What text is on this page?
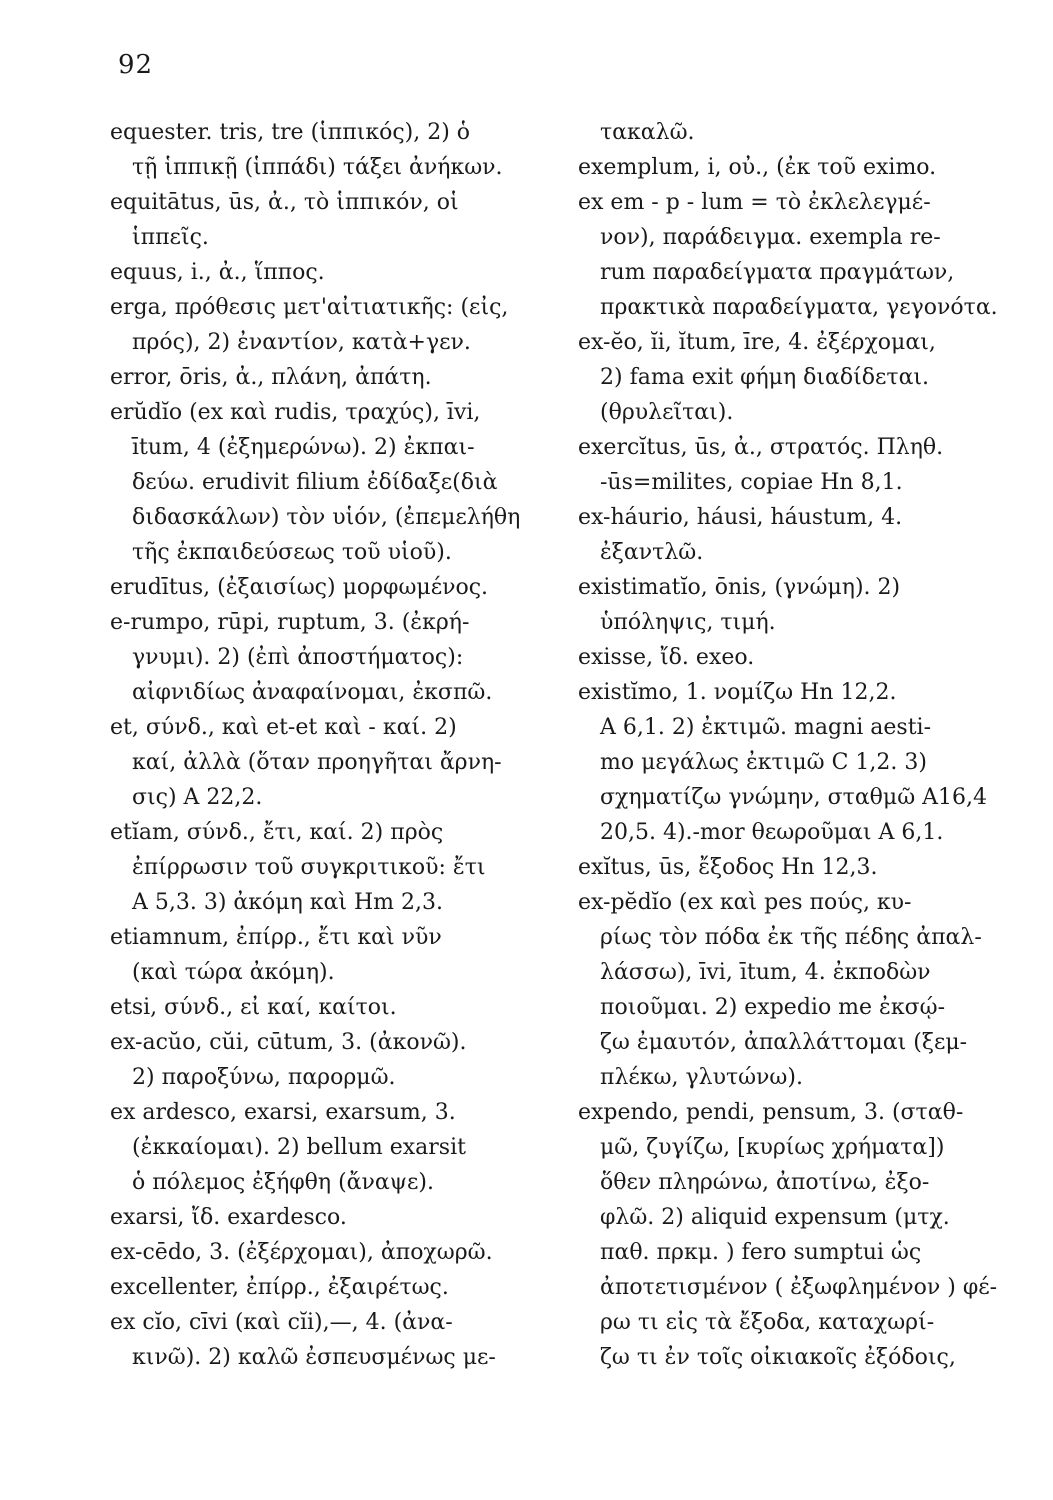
92
equester. tris, tre (ἱππικός), 2) ὁ
τῇ ἱππικῇ (ἱππάδι) τάξει ἀνήκων.
equitātus, ūs, ἀ., τὸ ἱππικόν, οἱ
ἱππεῖς.
equus, i., ἀ., ἵππος.
erga, πρόθεσις μετ'αἰτιατικῆς: (εἰς,
πρός), 2) ἐναντίον, κατὰ+γεν.
error, ōris, ἀ., πλάνη, ἀπάτη.
erŭdĭo (ex καὶ rudis, τραχύς), īvi,
ītum, 4 (ἐξημερώνω). 2) ἐκπαι-
δεύω. erudivit filium ἐδίδαξε(διὰ
διδασκάλων) τὸν υἱόν, (ἐπεμελήθη
τῆς ἐκπαιδεύσεως τοῦ υἱοῦ).
erudītus, (ἐξαισίως) μορφωμένος.
e-rumpo, rūpi, ruptum, 3. (ἐκρή-
γνυμι). 2) (ἐπὶ ἀποστήματος):
αἰφνιδίως ἀναφαίνομαι, ἐκσπῶ.
et, σύνδ., καὶ et-et καὶ - καί. 2)
καί, ἀλλὰ (ὅταν προηγῆται ἄρνη-
σις) A 22,2.
etĭam, σύνδ., ἔτι, καί. 2) πρὸς
ἐπίρρωσιν τοῦ συγκριτικοῦ: ἔτι
A 5,3. 3) ἀκόμη καὶ Hm 2,3.
etiamnum, ἐπίρρ., ἔτι καὶ νῦν
(καὶ τώρα ἀκόμη).
etsi, σύνδ., εἰ καί, καίτοι.
ex-acŭo, cŭi, cūtum, 3. (ἀκονῶ).
2) παροξύνω, παρορμῶ.
ex ardesco, exarsi, exarsum, 3.
(ἐκκαίομαι). 2) bellum exarsit
ὁ πόλεμος ἐξήφθη (ἄναψε).
exarsi, ἴδ. exardesco.
ex-cēdo, 3. (ἐξέρχομαι), ἀποχωρῶ.
excellenter, ἐπίρρ., ἐξαιρέτως.
ex cĭo, cīvi (καὶ cĭi),—, 4. (ἀνα-
κινῶ). 2) καλῶ ἐσπευσμένως με-
τακαλῶ.
exemplum, i, οὐ., (ἐκ τοῦ eximo.
ex em - p - lum = τὸ ἐκλελεγμέ-
νον), παράδειγμα. exempla re-
rum παραδείγματα πραγμάτων,
πρακτικὰ παραδείγματα, γεγονότα.
ex-ĕo, ĭi, ĭtum, īre, 4. ἐξέρχομαι,
2) fama exit φήμη διαδίδεται.
(θρυλεῖται).
exercĭtus, ūs, ἀ., στρατός. Πληθ.
-ūs=milites, copiae Hn 8,1.
ex-háurio, háusi, háustum, 4.
ἐξαντλῶ.
existimatĭo, ōnis, (γνώμη). 2)
ὑπόληψις, τιμή.
exisse, ἴδ. exeo.
existĭmo, 1. νομίζω Hn 12,2.
A 6,1. 2) ἐκτιμῶ. magni aesti-
mo μεγάλως ἐκτιμῶ C 1,2. 3)
σχηματίζω γνώμην, σταθμῶ A16,4
20,5. 4).-mor θεωροῦμαι A 6,1.
exĭtus, ūs, ἔξοδος Hn 12,3.
ex-pĕdĭo (ex καὶ pes πούς, κυ-
ρίως τὸν πόδα ἐκ τῆς πέδης ἀπαλ-
λάσσω), īvi, ītum, 4. ἐκποδὼν
ποιοῦμαι. 2) expedio me ἐκσῴ-
ζω ἐμαυτόν, ἀπαλλάττομαι (ξεμ-
πλέκω, γλυτώνω).
expendo, pendi, pensum, 3. (σταθ-
μῶ, ζυγίζω, [κυρίως χρήματα])
ὅθεν πληρώνω, ἀποτίνω, ἐξο-
φλῶ. 2) aliquid expensum (μτχ.
παθ. πρκμ. ) fero sumptui ὡς
ἀποτετισμένον ( ἐξωφλημένον ) φέ-
ρω τι εἰς τὰ ἔξοδα, καταχωρί-
ζω τι ἐν τοῖς οἰκιακοῖς ἐξόδοις,
